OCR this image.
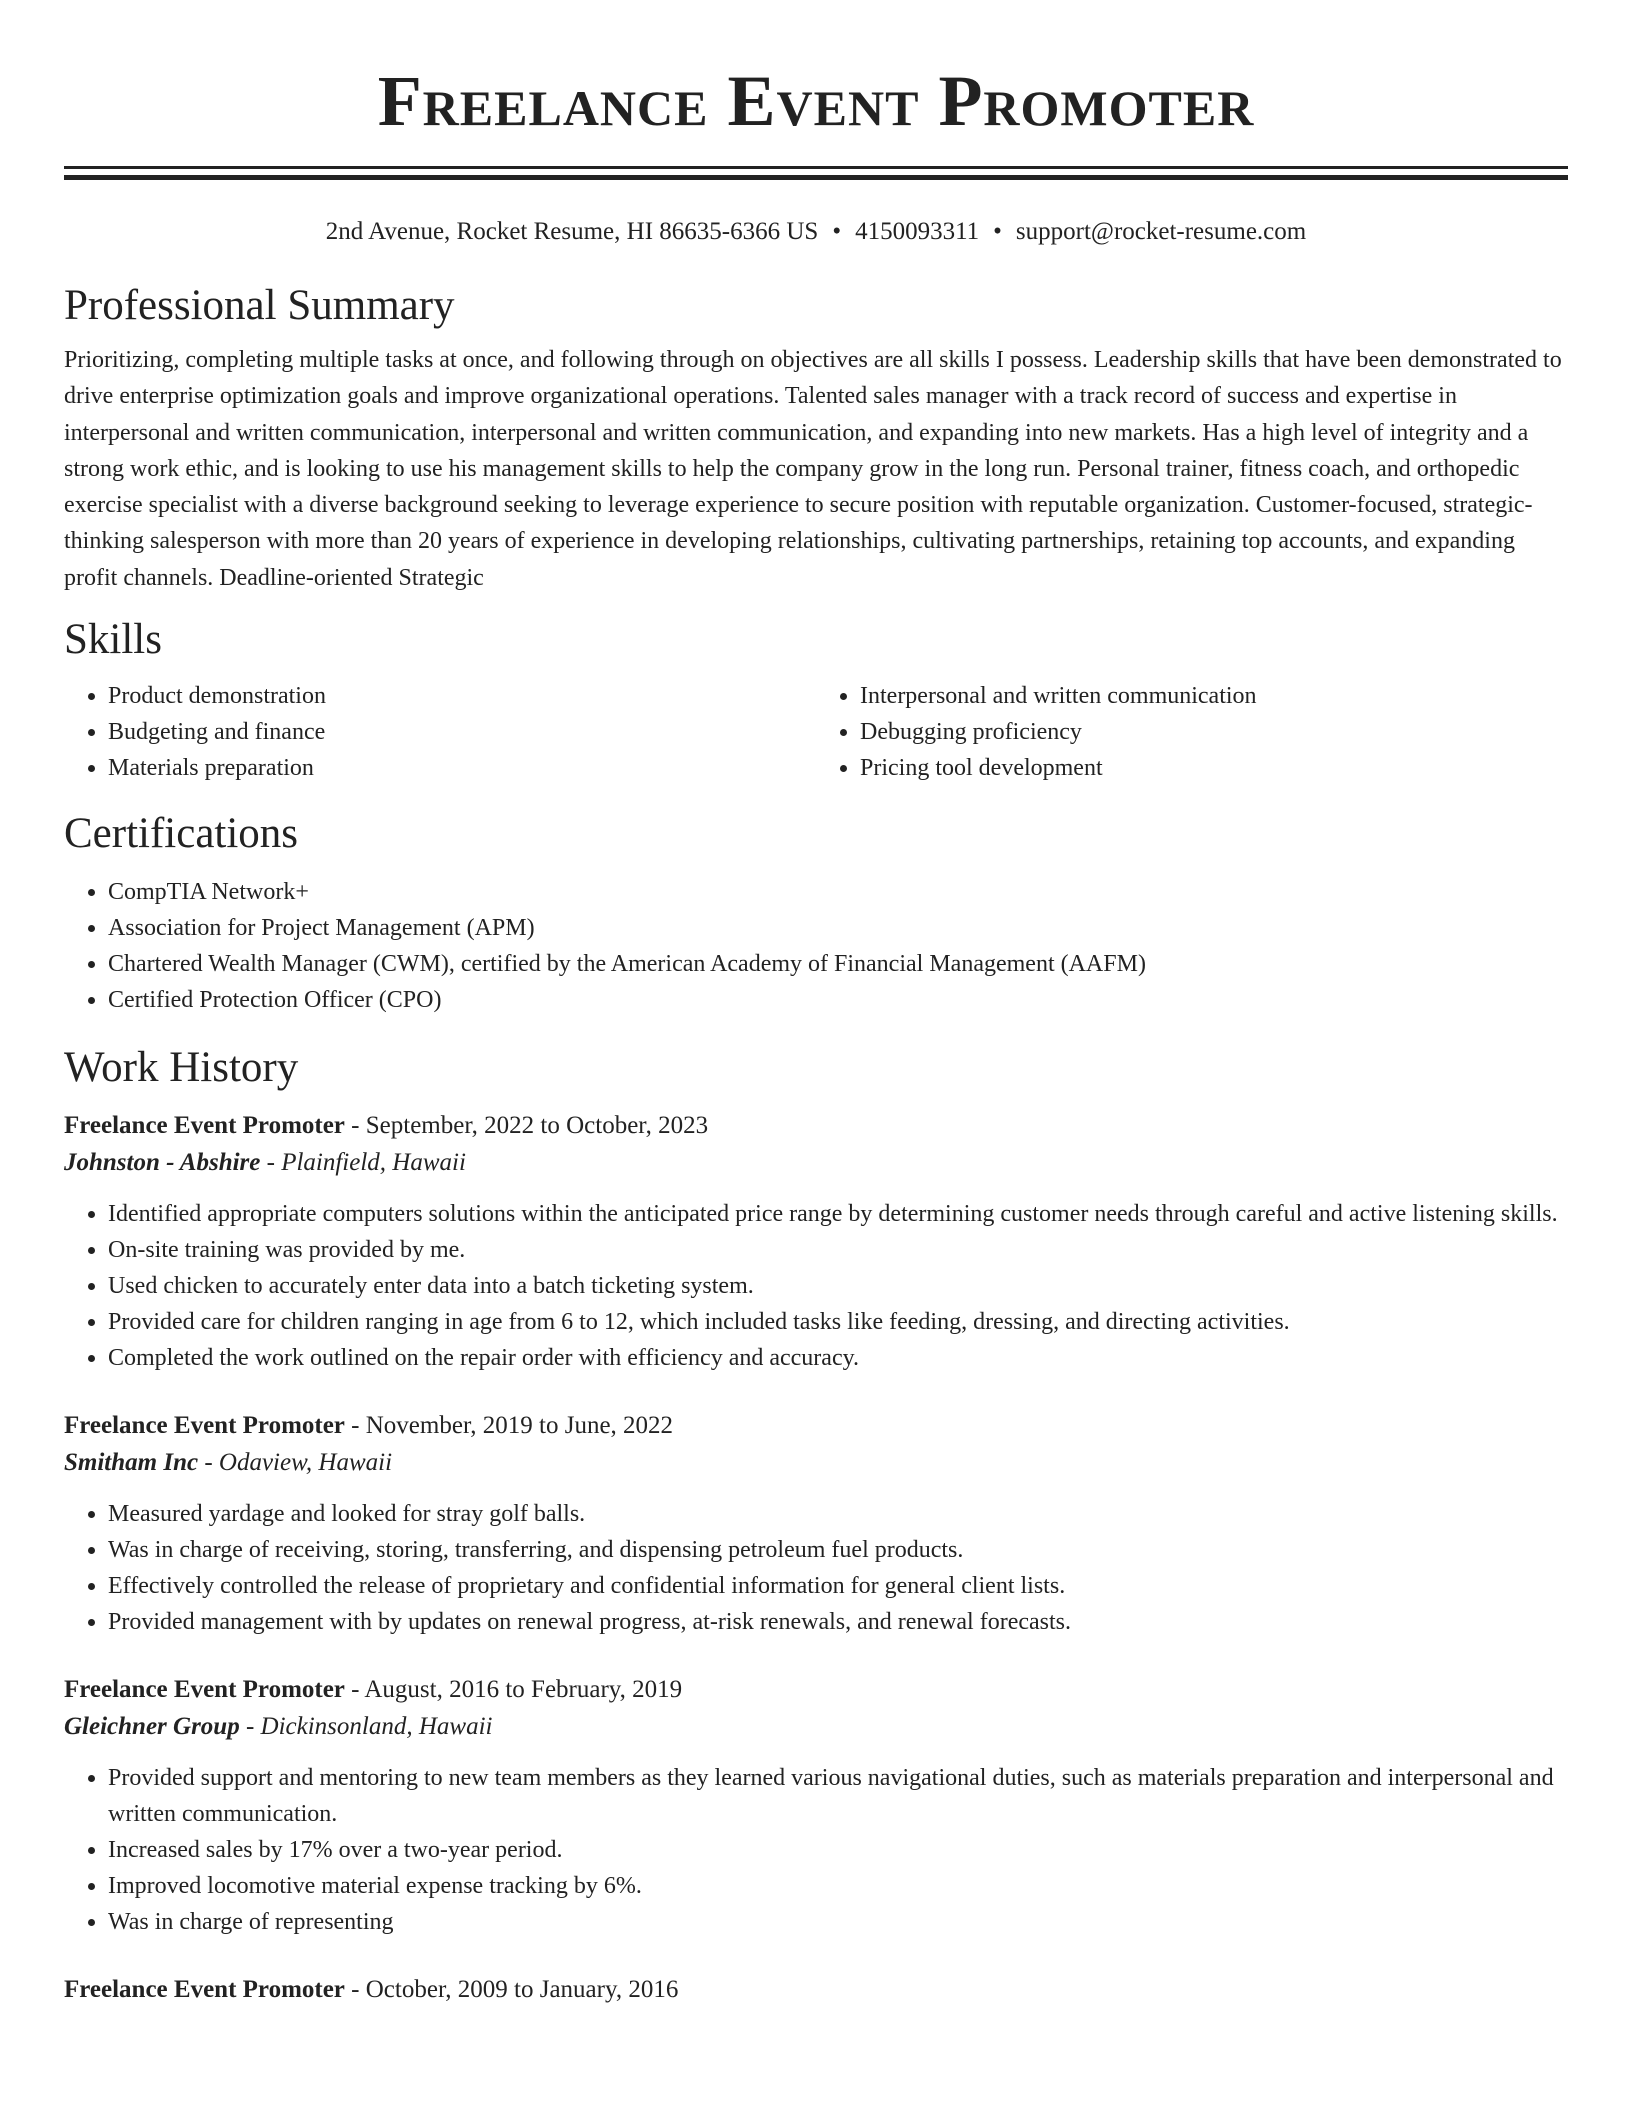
Freelance Event Promoter
2nd Avenue, Rocket Resume, HI 86635-6366 US • 4150093311 • support@rocket-resume.com
Professional Summary

Prioritizing, completing multiple tasks at once, and following through on objectives are all skills I possess. Leadership skills that have been demonstrated to drive enterprise optimization goals and improve organizational operations. Talented sales manager with a track record of success and expertise in interpersonal and written communication, interpersonal and written communication, and expanding into new markets. Has a high level of integrity and a strong work ethic, and is looking to use his management skills to help the company grow in the long run. Personal trainer, fitness coach, and orthopedic exercise specialist with a diverse background seeking to leverage experience to secure position with reputable organization. Customer-focused, strategic-thinking salesperson with more than 20 years of experience in developing relationships, cultivating partnerships, retaining top accounts, and expanding profit channels. Deadline-oriented Strategic

Skills
• Product demonstration
• Budgeting and finance
• Materials preparation
• Interpersonal and written communication
• Debugging proficiency
• Pricing tool development
Certifications
• CompTIA Network+
• Association for Project Management (APM)
• Chartered Wealth Manager (CWM), certified by the American Academy of Financial Management (AAFM)
• Certified Protection Officer (CPO)
Work History
Freelance Event Promoter - September, 2022 to October, 2023
Johnston - Abshire - Plainfield, Hawaii
• Identified appropriate computers solutions within the anticipated price range by determining customer needs through careful and active listening skills.
• On-site training was provided by me.
• Used chicken to accurately enter data into a batch ticketing system.
• Provided care for children ranging in age from 6 to 12, which included tasks like feeding, dressing, and directing activities.
• Completed the work outlined on the repair order with efficiency and accuracy.
Freelance Event Promoter - November, 2019 to June, 2022
Smitham Inc - Odaview, Hawaii
• Measured yardage and looked for stray golf balls.
• Was in charge of receiving, storing, transferring, and dispensing petroleum fuel products.
• Effectively controlled the release of proprietary and confidential information for general client lists.
• Provided management with by updates on renewal progress, at-risk renewals, and renewal forecasts.
Freelance Event Promoter - August, 2016 to February, 2019
Gleichner Group - Dickinsonland, Hawaii
• Provided support and mentoring to new team members as they learned various navigational duties, such as materials preparation and interpersonal and written communication.
• Increased sales by 17% over a two-year period.
• Improved locomotive material expense tracking by 6%.
• Was in charge of representing
Freelance Event Promoter - October, 2009 to January, 2016
